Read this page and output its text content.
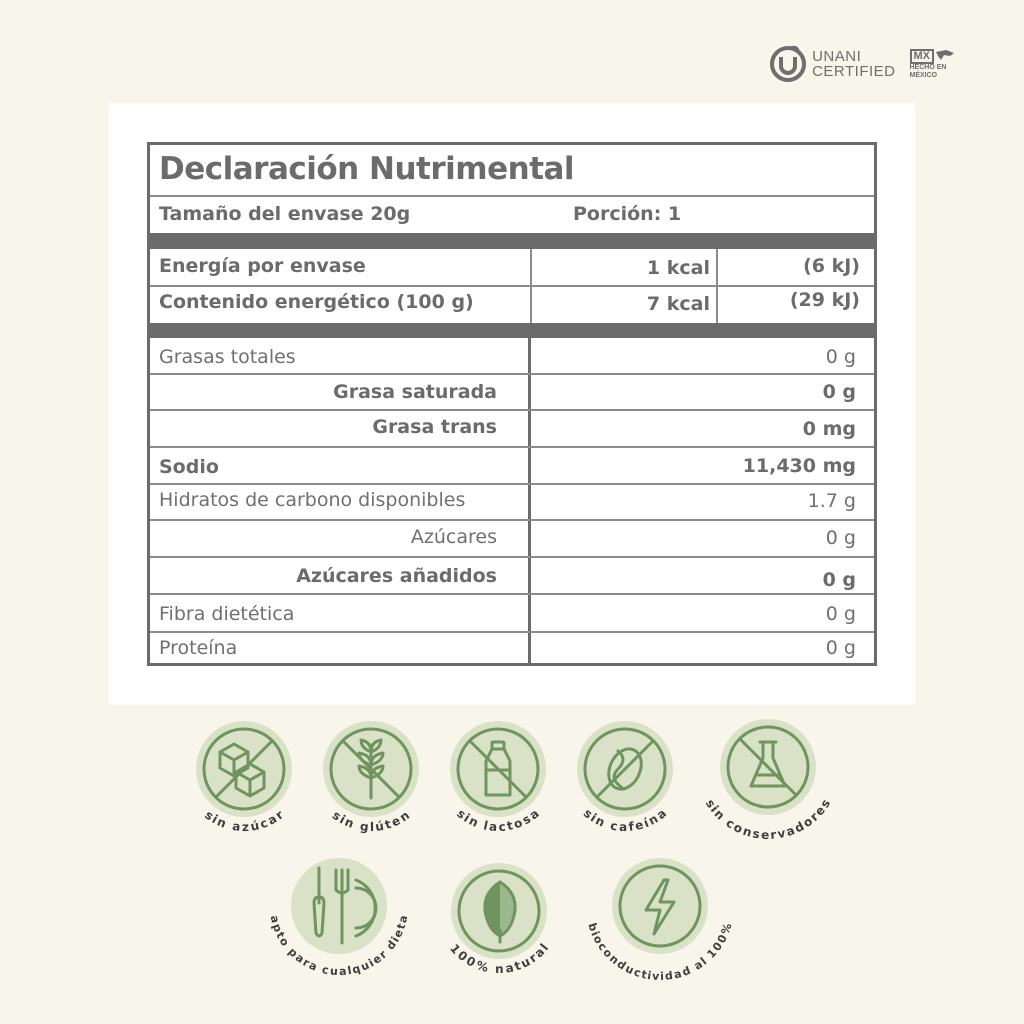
UNANI
CERTIFIED
MX
HECHO EN
MÉXICO
Declaración Nutrimental
Tamaño del envase 20g	Porción: 1
Energía por envase	1 kcal	(6 kJ)
Contenido energético (100 g)	7 kcal	(29 kJ)
Grasas totales	0 g
Grasa saturada	0 g
Grasa trans	0 mg
Sodio	11,430 mg
Hidratos de carbono disponibles	1.7 g
Azúcares	0 g
Azúcares añadidos	0 g
Fibra dietética	0 g
Proteína	0 g
sin azúcar	sin glúten	sin lactosa	sin cafeína
sin conservadores
apto para cualquier dieta
100% natural
bioconductividad al 100%
